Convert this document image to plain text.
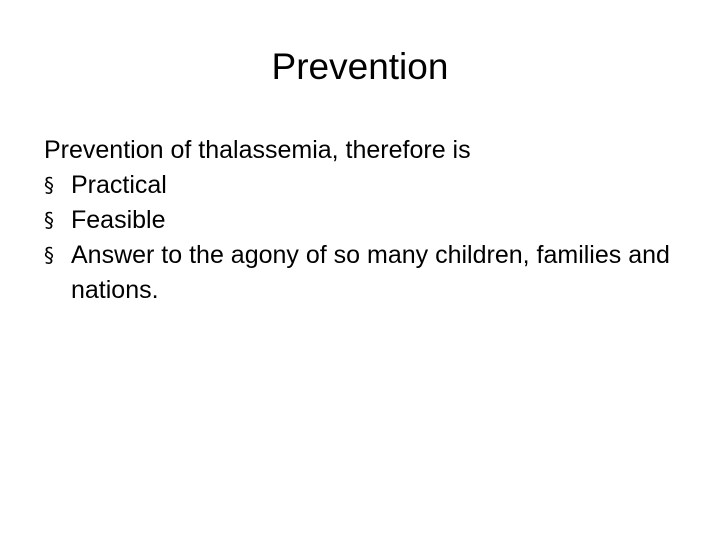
Prevention

Prevention of thalassemia, therefore is

§ Practical
§ Feasible
§ Answer to the agony of so many children, families and nations.
